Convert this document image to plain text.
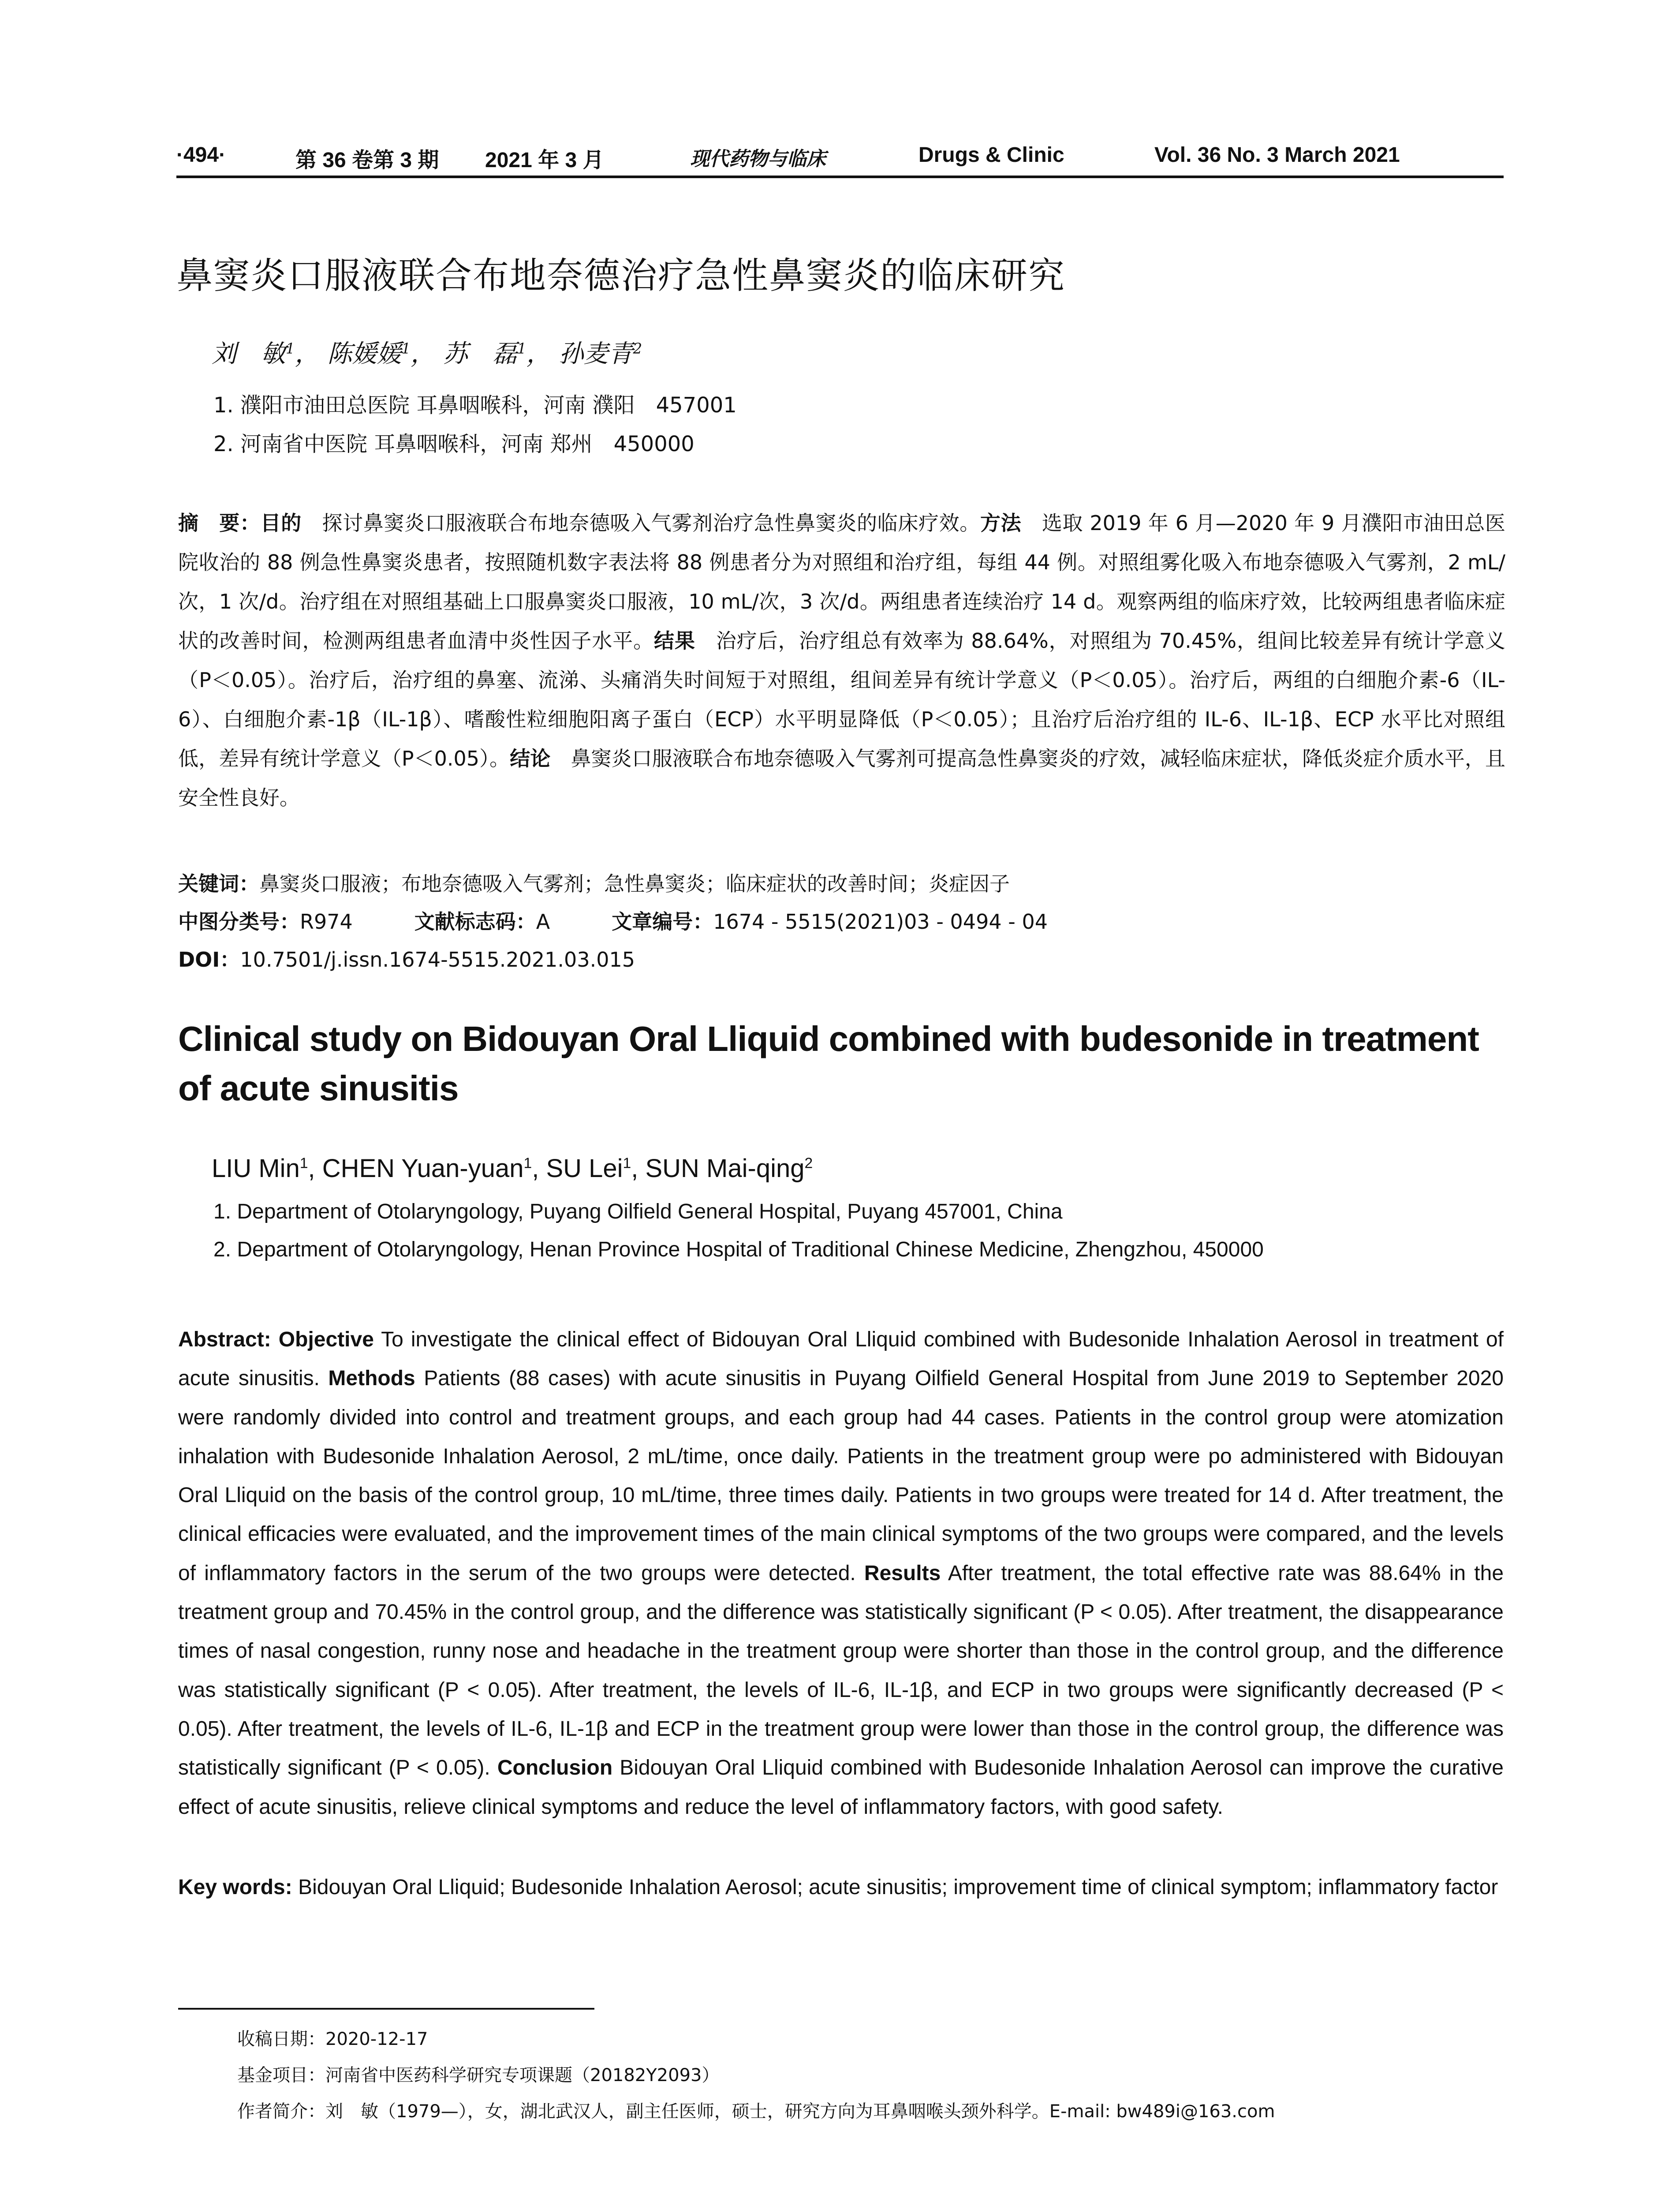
·494·	第 36 卷第 3 期 2021 年 3 月	现代药物与临床	Drugs & Clinic	Vol. 36 No. 3 March 2021
鼻窦炎口服液联合布地奈德治疗急性鼻窦炎的临床研究
刘　敏$^1$， 陈媛媛$^1$， 苏　磊$^1$， 孙麦青$^2$
1. 濮阳市油田总医院 耳鼻咽喉科，河南 濮阳　457001
2. 河南省中医院 耳鼻咽喉科，河南 郑州　450000
摘　要：目的　探讨鼻窦炎口服液联合布地奈德吸入气雾剂治疗急性鼻窦炎的临床疗效。方法　选取 2019 年 6 月—2020 年 9 月濮阳市油田总医院收治的 88 例急性鼻窦炎患者，按照随机数字表法将 88 例患者分为对照组和治疗组，每组 44 例。对照组雾化吸入布地奈德吸入气雾剂，2 mL/次，1 次/d。治疗组在对照组基础上口服鼻窦炎口服液，10 mL/次，3 次/d。两组患者连续治疗 14 d。观察两组的临床疗效，比较两组患者临床症状的改善时间，检测两组患者血清中炎性因子水平。结果　治疗后，治疗组总有效率为 88.64%，对照组为 70.45%，组间比较差异有统计学意义（P＜0.05）。治疗后，治疗组的鼻塞、流涕、头痛消失时间短于对照组，组间差异有统计学意义（P＜0.05）。治疗后，两组的白细胞介素-6（IL-6）、白细胞介素-1β（IL-1β）、嗜酸性粒细胞阳离子蛋白（ECP）水平明显降低（P＜0.05）；且治疗后治疗组的 IL-6、IL-1β、ECP 水平比对照组低，差异有统计学意义（P＜0.05）。结论　鼻窦炎口服液联合布地奈德吸入气雾剂可提高急性鼻窦炎的疗效，减轻临床症状，降低炎症介质水平，且安全性良好。
关键词：鼻窦炎口服液；布地奈德吸入气雾剂；急性鼻窦炎；临床症状的改善时间；炎症因子
中图分类号：R974	文献标志码：A	文章编号：1674 - 5515(2021)03 - 0494 - 04
DOI：10.7501/j.issn.1674-5515.2021.03.015
Clinical study on Bidouyan Oral Lliquid combined with budesonide in treatment of acute sinusitis
LIU Min$^1$, CHEN Yuan-yuan$^1$, SU Lei$^1$, SUN Mai-qing$^2$
1. Department of Otolaryngology, Puyang Oilfield General Hospital, Puyang 457001, China
2. Department of Otolaryngology, Henan Province Hospital of Traditional Chinese Medicine, Zhengzhou, 450000
Abstract: Objective To investigate the clinical effect of Bidouyan Oral Lliquid combined with Budesonide Inhalation Aerosol in treatment of acute sinusitis. Methods Patients (88 cases) with acute sinusitis in Puyang Oilfield General Hospital from June 2019 to September 2020 were randomly divided into control and treatment groups, and each group had 44 cases. Patients in the control group were atomization inhalation with Budesonide Inhalation Aerosol, 2 mL/time, once daily. Patients in the treatment group were po administered with Bidouyan Oral Lliquid on the basis of the control group, 10 mL/time, three times daily. Patients in two groups were treated for 14 d. After treatment, the clinical efficacies were evaluated, and the improvement times of the main clinical symptoms of the two groups were compared, and the levels of inflammatory factors in the serum of the two groups were detected. Results After treatment, the total effective rate was 88.64% in the treatment group and 70.45% in the control group, and the difference was statistically significant (P < 0.05). After treatment, the disappearance times of nasal congestion, runny nose and headache in the treatment group were shorter than those in the control group, and the difference was statistically significant (P < 0.05). After treatment, the levels of IL-6, IL-1β, and ECP in two groups were significantly decreased (P < 0.05). After treatment, the levels of IL-6, IL-1β and ECP in the treatment group were lower than those in the control group, the difference was statistically significant (P < 0.05). Conclusion Bidouyan Oral Lliquid combined with Budesonide Inhalation Aerosol can improve the curative effect of acute sinusitis, relieve clinical symptoms and reduce the level of inflammatory factors, with good safety.
Key words: Bidouyan Oral Lliquid; Budesonide Inhalation Aerosol; acute sinusitis; improvement time of clinical symptom; inflammatory factor
收稿日期：2020-12-17
基金项目：河南省中医药科学研究专项课题（20182Y2093）
作者简介：刘　敏（1979—），女，湖北武汉人，副主任医师，硕士，研究方向为耳鼻咽喉头颈外科学。E-mail: bw489i@163.com
